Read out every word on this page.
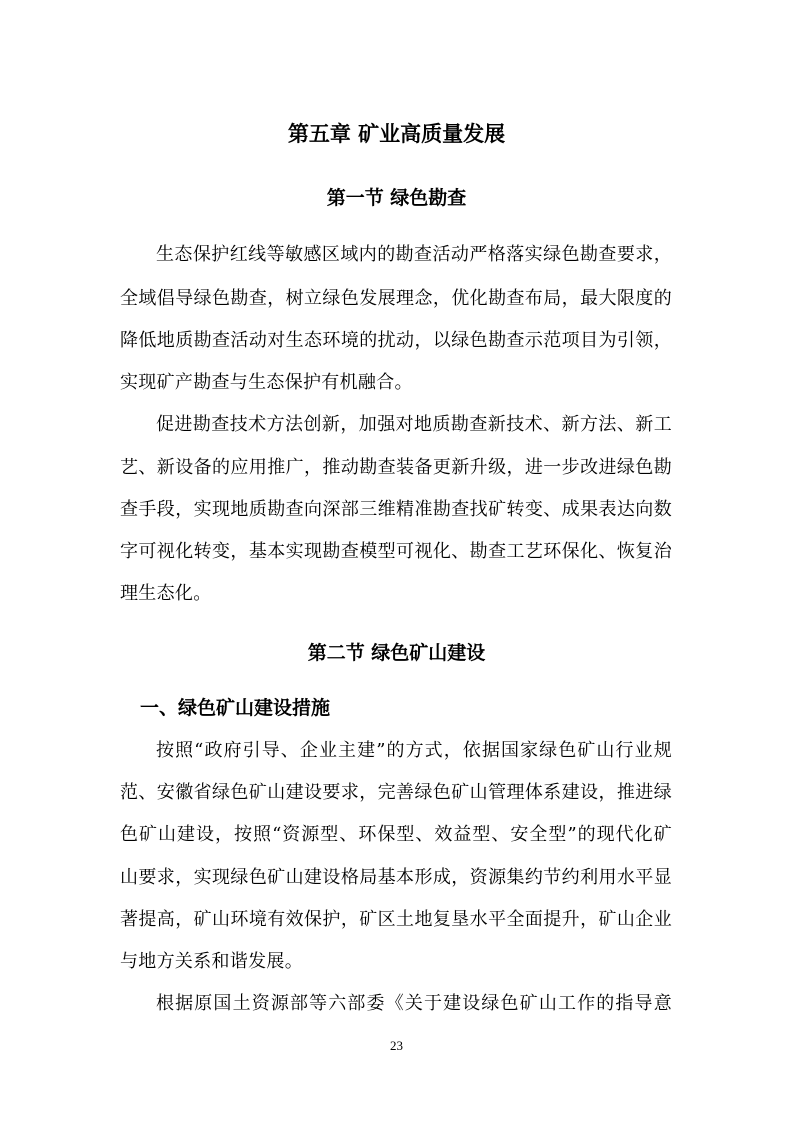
第五章 矿业高质量发展
第一节 绿色勘查
生态保护红线等敏感区域内的勘查活动严格落实绿色勘查要求，
全域倡导绿色勘查，树立绿色发展理念，优化勘查布局，最大限度的
降低地质勘查活动对生态环境的扰动，以绿色勘查示范项目为引领，
实现矿产勘查与生态保护有机融合。
促进勘查技术方法创新，加强对地质勘查新技术、新方法、新工
艺、新设备的应用推广，推动勘查装备更新升级，进一步改进绿色勘
查手段，实现地质勘查向深部三维精准勘查找矿转变、成果表达向数
字可视化转变，基本实现勘查模型可视化、勘查工艺环保化、恢复治
理生态化。
第二节 绿色矿山建设
一、绿色矿山建设措施
按照“政府引导、企业主建”的方式，依据国家绿色矿山行业规
范、安徽省绿色矿山建设要求，完善绿色矿山管理体系建设，推进绿
色矿山建设，按照“资源型、环保型、效益型、安全型”的现代化矿
山要求，实现绿色矿山建设格局基本形成，资源集约节约利用水平显
著提高，矿山环境有效保护，矿区土地复垦水平全面提升，矿山企业
与地方关系和谐发展。
根据原国土资源部等六部委《关于建设绿色矿山工作的指导意
23
